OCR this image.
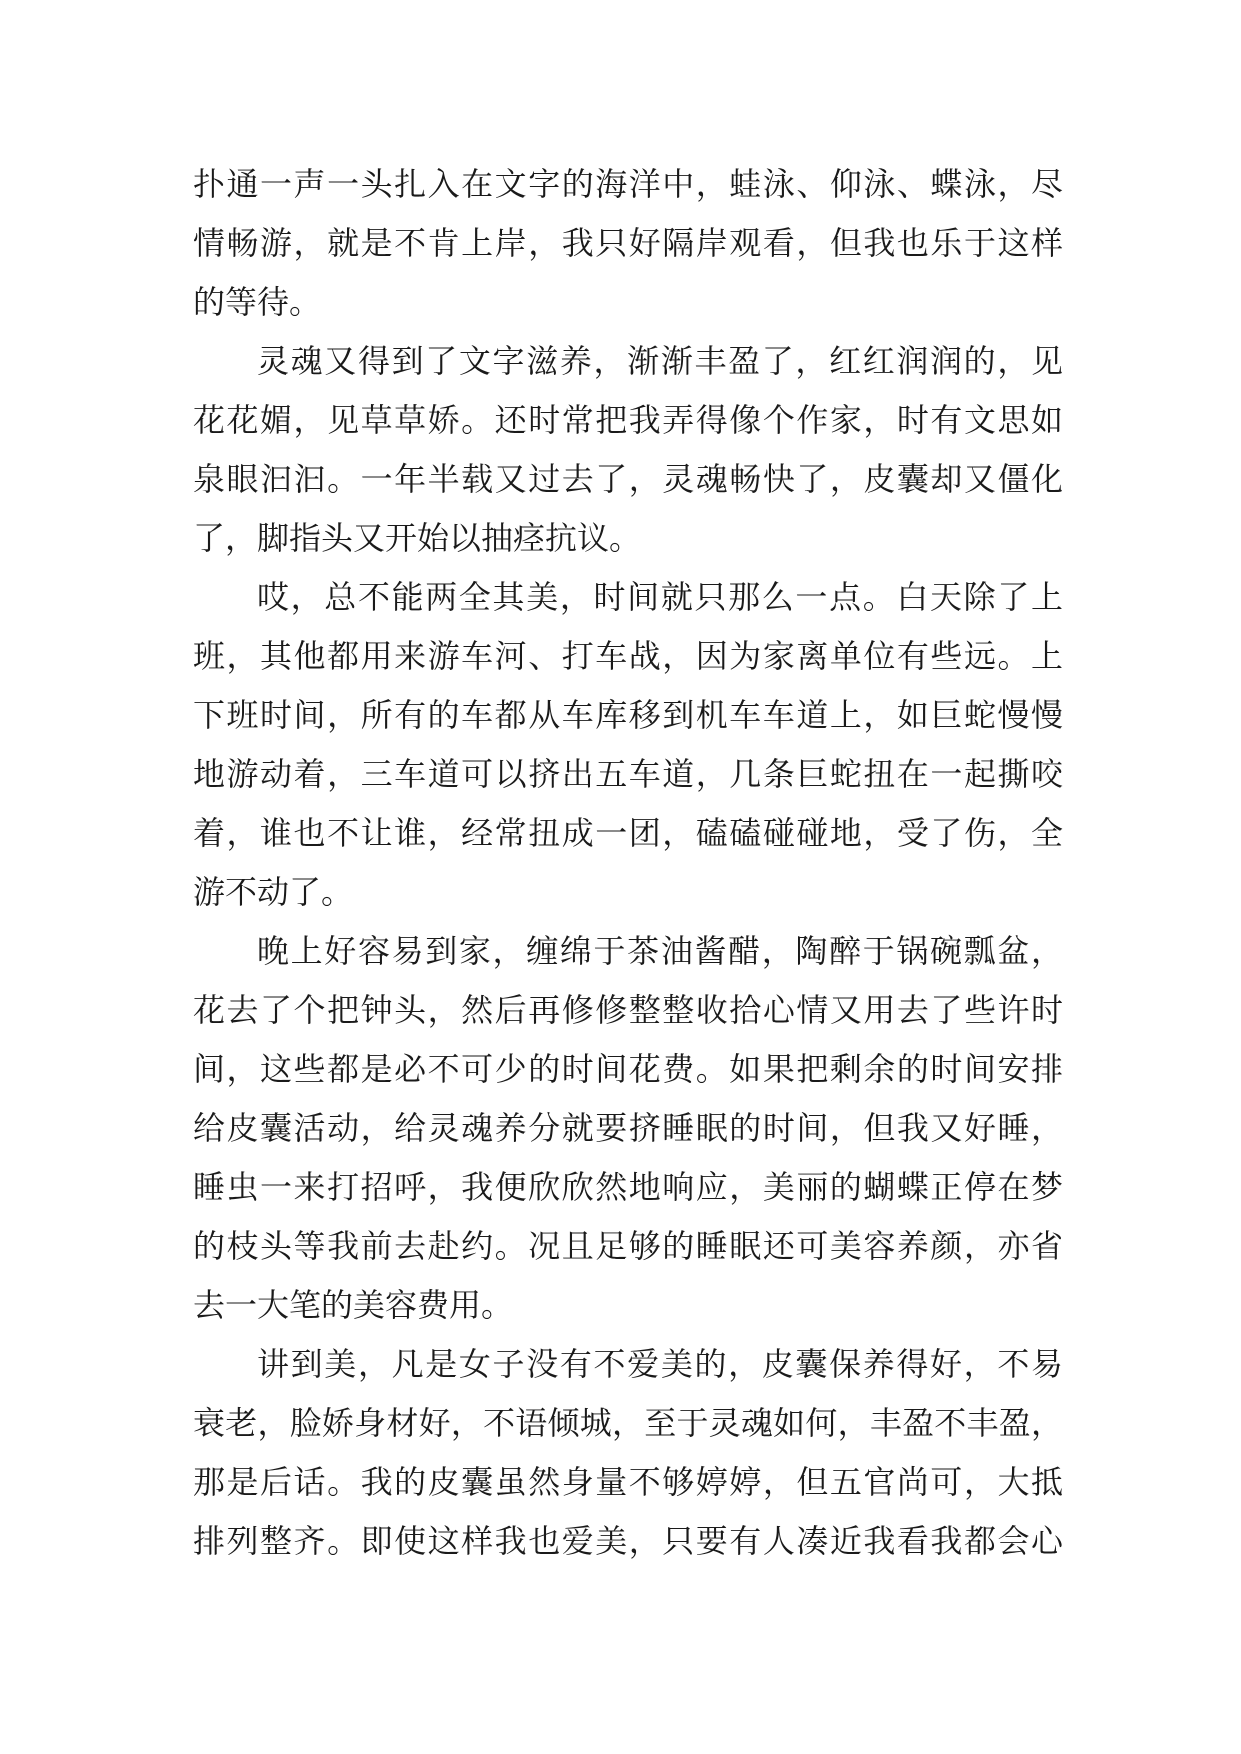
扑通一声一头扎入在文字的海洋中，蛙泳、仰泳、蝶泳，尽
情畅游，就是不肯上岸，我只好隔岸观看，但我也乐于这样
的等待。
灵魂又得到了文字滋养，渐渐丰盈了，红红润润的，见
花花媚，见草草娇。还时常把我弄得像个作家，时有文思如
泉眼汩汩。一年半载又过去了，灵魂畅快了，皮囊却又僵化
了，脚指头又开始以抽痉抗议。
哎，总不能两全其美，时间就只那么一点。白天除了上
班，其他都用来游车河、打车战，因为家离单位有些远。上
下班时间，所有的车都从车库移到机车车道上，如巨蛇慢慢
地游动着，三车道可以挤出五车道，几条巨蛇扭在一起撕咬
着，谁也不让谁，经常扭成一团，磕磕碰碰地，受了伤，全
游不动了。
晚上好容易到家，缠绵于茶油酱醋，陶醉于锅碗瓢盆，
花去了个把钟头，然后再修修整整收拾心情又用去了些许时
间，这些都是必不可少的时间花费。如果把剩余的时间安排
给皮囊活动，给灵魂养分就要挤睡眠的时间，但我又好睡，
睡虫一来打招呼，我便欣欣然地响应，美丽的蝴蝶正停在梦
的枝头等我前去赴约。况且足够的睡眠还可美容养颜，亦省
去一大笔的美容费用。
讲到美，凡是女子没有不爱美的，皮囊保养得好，不易
衰老，脸娇身材好，不语倾城，至于灵魂如何，丰盈不丰盈，
那是后话。我的皮囊虽然身量不够婷婷，但五官尚可，大抵
排列整齐。即使这样我也爱美，只要有人凑近我看我都会心
